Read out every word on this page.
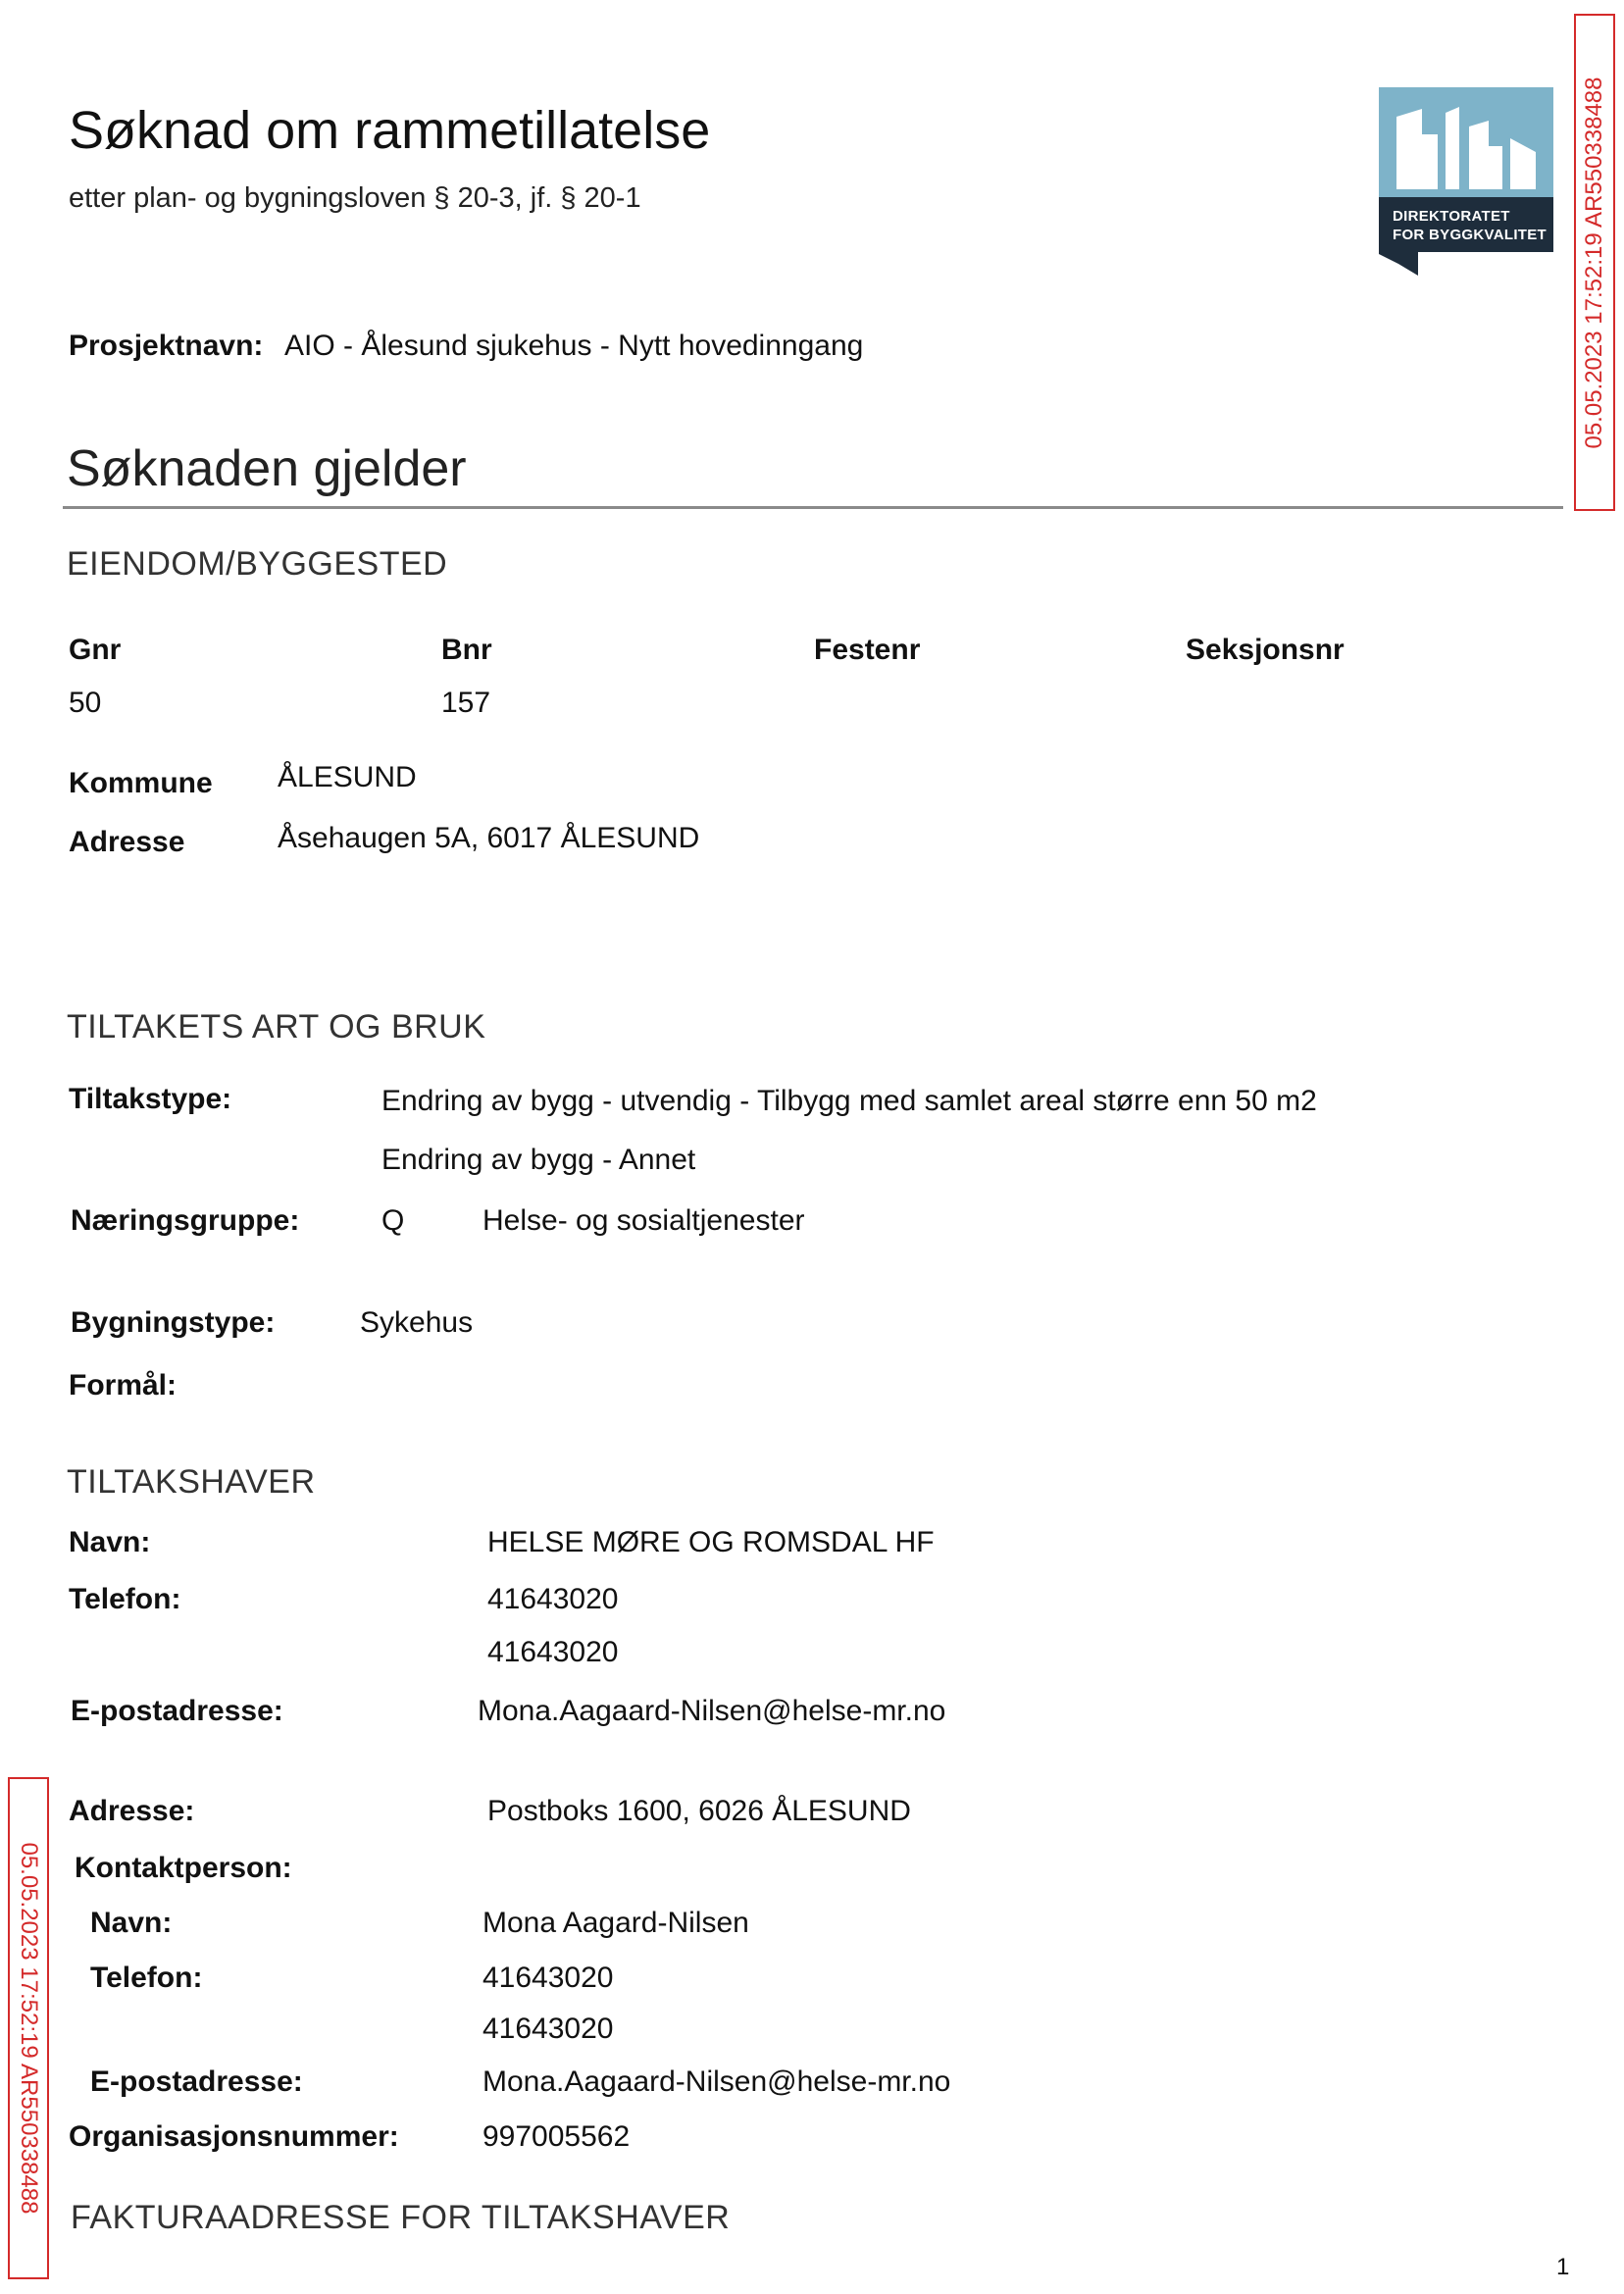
Søknad om rammetillatelse
etter plan- og bygningsloven § 20-3, jf. § 20-1
DIREKTORATET
FOR BYGGKVALITET 05.05.2023 17:52:19 AR550338488
05.05.2023 17:52:19 AR550338488
Prosjektnavn: AIO - Ålesund sjukehus - Nytt hovedinngang
Søknaden gjelder
EIENDOM/BYGGESTED
Gnr	Bnr	Festenr	Seksjonsnr
50	157
Kommune ÅLESUND
Adresse	Åsehaugen 5A, 6017 ÅLESUND
TILTAKETS ART OG BRUK
Tiltakstype:	Endring av bygg - utvendig - Tilbygg med samlet areal større enn 50 m2
Endring av bygg - Annet
Næringsgruppe:	Q	Helse- og sosialtjenester
Bygningstype:	Sykehus
Formål:
TILTAKSHAVER
Navn:	HELSE MØRE OG ROMSDAL HF
Telefon:	41643020
41643020
E-postadresse:	Mona.Aagaard-Nilsen@helse-mr.no
Adresse:	Postboks 1600, 6026 ÅLESUND
Kontaktperson:
Navn:	Mona Aagard-Nilsen
Telefon:	41643020
41643020
E-postadresse:	Mona.Aagaard-Nilsen@helse-mr.no
Organisasjonsnummer:	997005562
FAKTURAADRESSE FOR TILTAKSHAVER
1
